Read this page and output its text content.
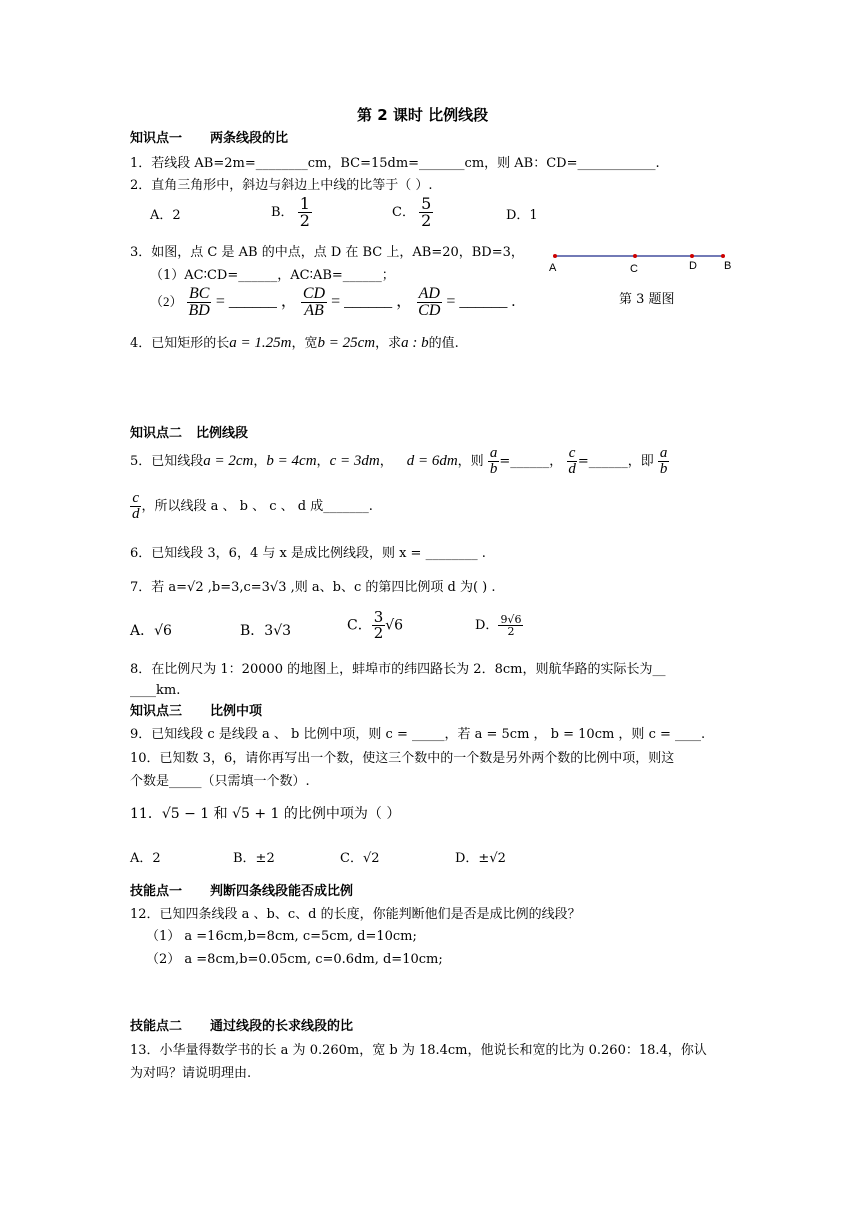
第 2 课时 比例线段
知识点一 两条线段的比
1．若线段 AB=2m=________cm，BC=15dm=_______cm，则 AB：CD=____________.
2．直角三角形中，斜边与斜边上中线的比等于（ ）.
A．2	B． $\frac{1}{2}$	C． $\frac{5}{2}$	D．1
3．如图，点 C 是 AB 的中点，点 D 在 BC 上，AB=20，BD=3，
（1）AC∶CD=______，AC∶AB=______；
$(2) \frac{BC}{BD}$ = ______ ， $\frac{CD}{AB}$ = ______ ， $\frac{AD}{CD}$ = ______ .
A	C	D B
第 3 题图
4．已知矩形的长a = 1.25m，宽b = 25cm，求a : b的值.
知识点二 比例线段
5．已知线段a = 2cm，b = 4cm，c = 3dm， d = 6dm，则 $\frac{a}{b}$ =______， $\frac{c}{d}$ =______，即 $\frac{a}{b}$
$\frac{c}{d}$ ，所以线段 a 、 b 、 c 、 d 成_______.
6．已知线段 3，6，4 与 x 是成比例线段，则 x = ________ .
7．若 a=√2 ,b=3,c=3√3 ,则 a、b、c 的第四比例项 d 为( ) .
A．√6	B．3√3	C． $\frac{3}{2} √6$	D． $\frac{9√6}{2}$
8．在比例尺为 1：20000 的地图上，蚌埠市的纬四路长为 2．8cm，则航华路的实际长为__
____km.
知识点三 比例中项
9．已知线段 c 是线段 a 、 b 比例中项，则 c = _____，若 a = 5cm ， b = 10cm ，则 c = ____.
10．已知数 3，6，请你再写出一个数，使这三个数中的一个数是另外两个数的比例中项，则这
个数是_____（只需填一个数）.
11．√5 − 1 和 √5 + 1 的比例中项为（ ）
A．2	B．±2	C．√2	D．±√2
技能点一 判断四条线段能否成比例
12．已知四条线段 a 、b、c、d 的长度，你能判断他们是否是成比例的线段？
（1） a =16cm,b=8cm, c=5cm, d=10cm;
（2） a =8cm,b=0.05cm, c=0.6dm, d=10cm;
技能点二 通过线段的长求线段的比
13．小华量得数学书的长 a 为 0.260m，宽 b 为 18.4cm，他说长和宽的比为 0.260：18.4，你认
为对吗？请说明理由.
